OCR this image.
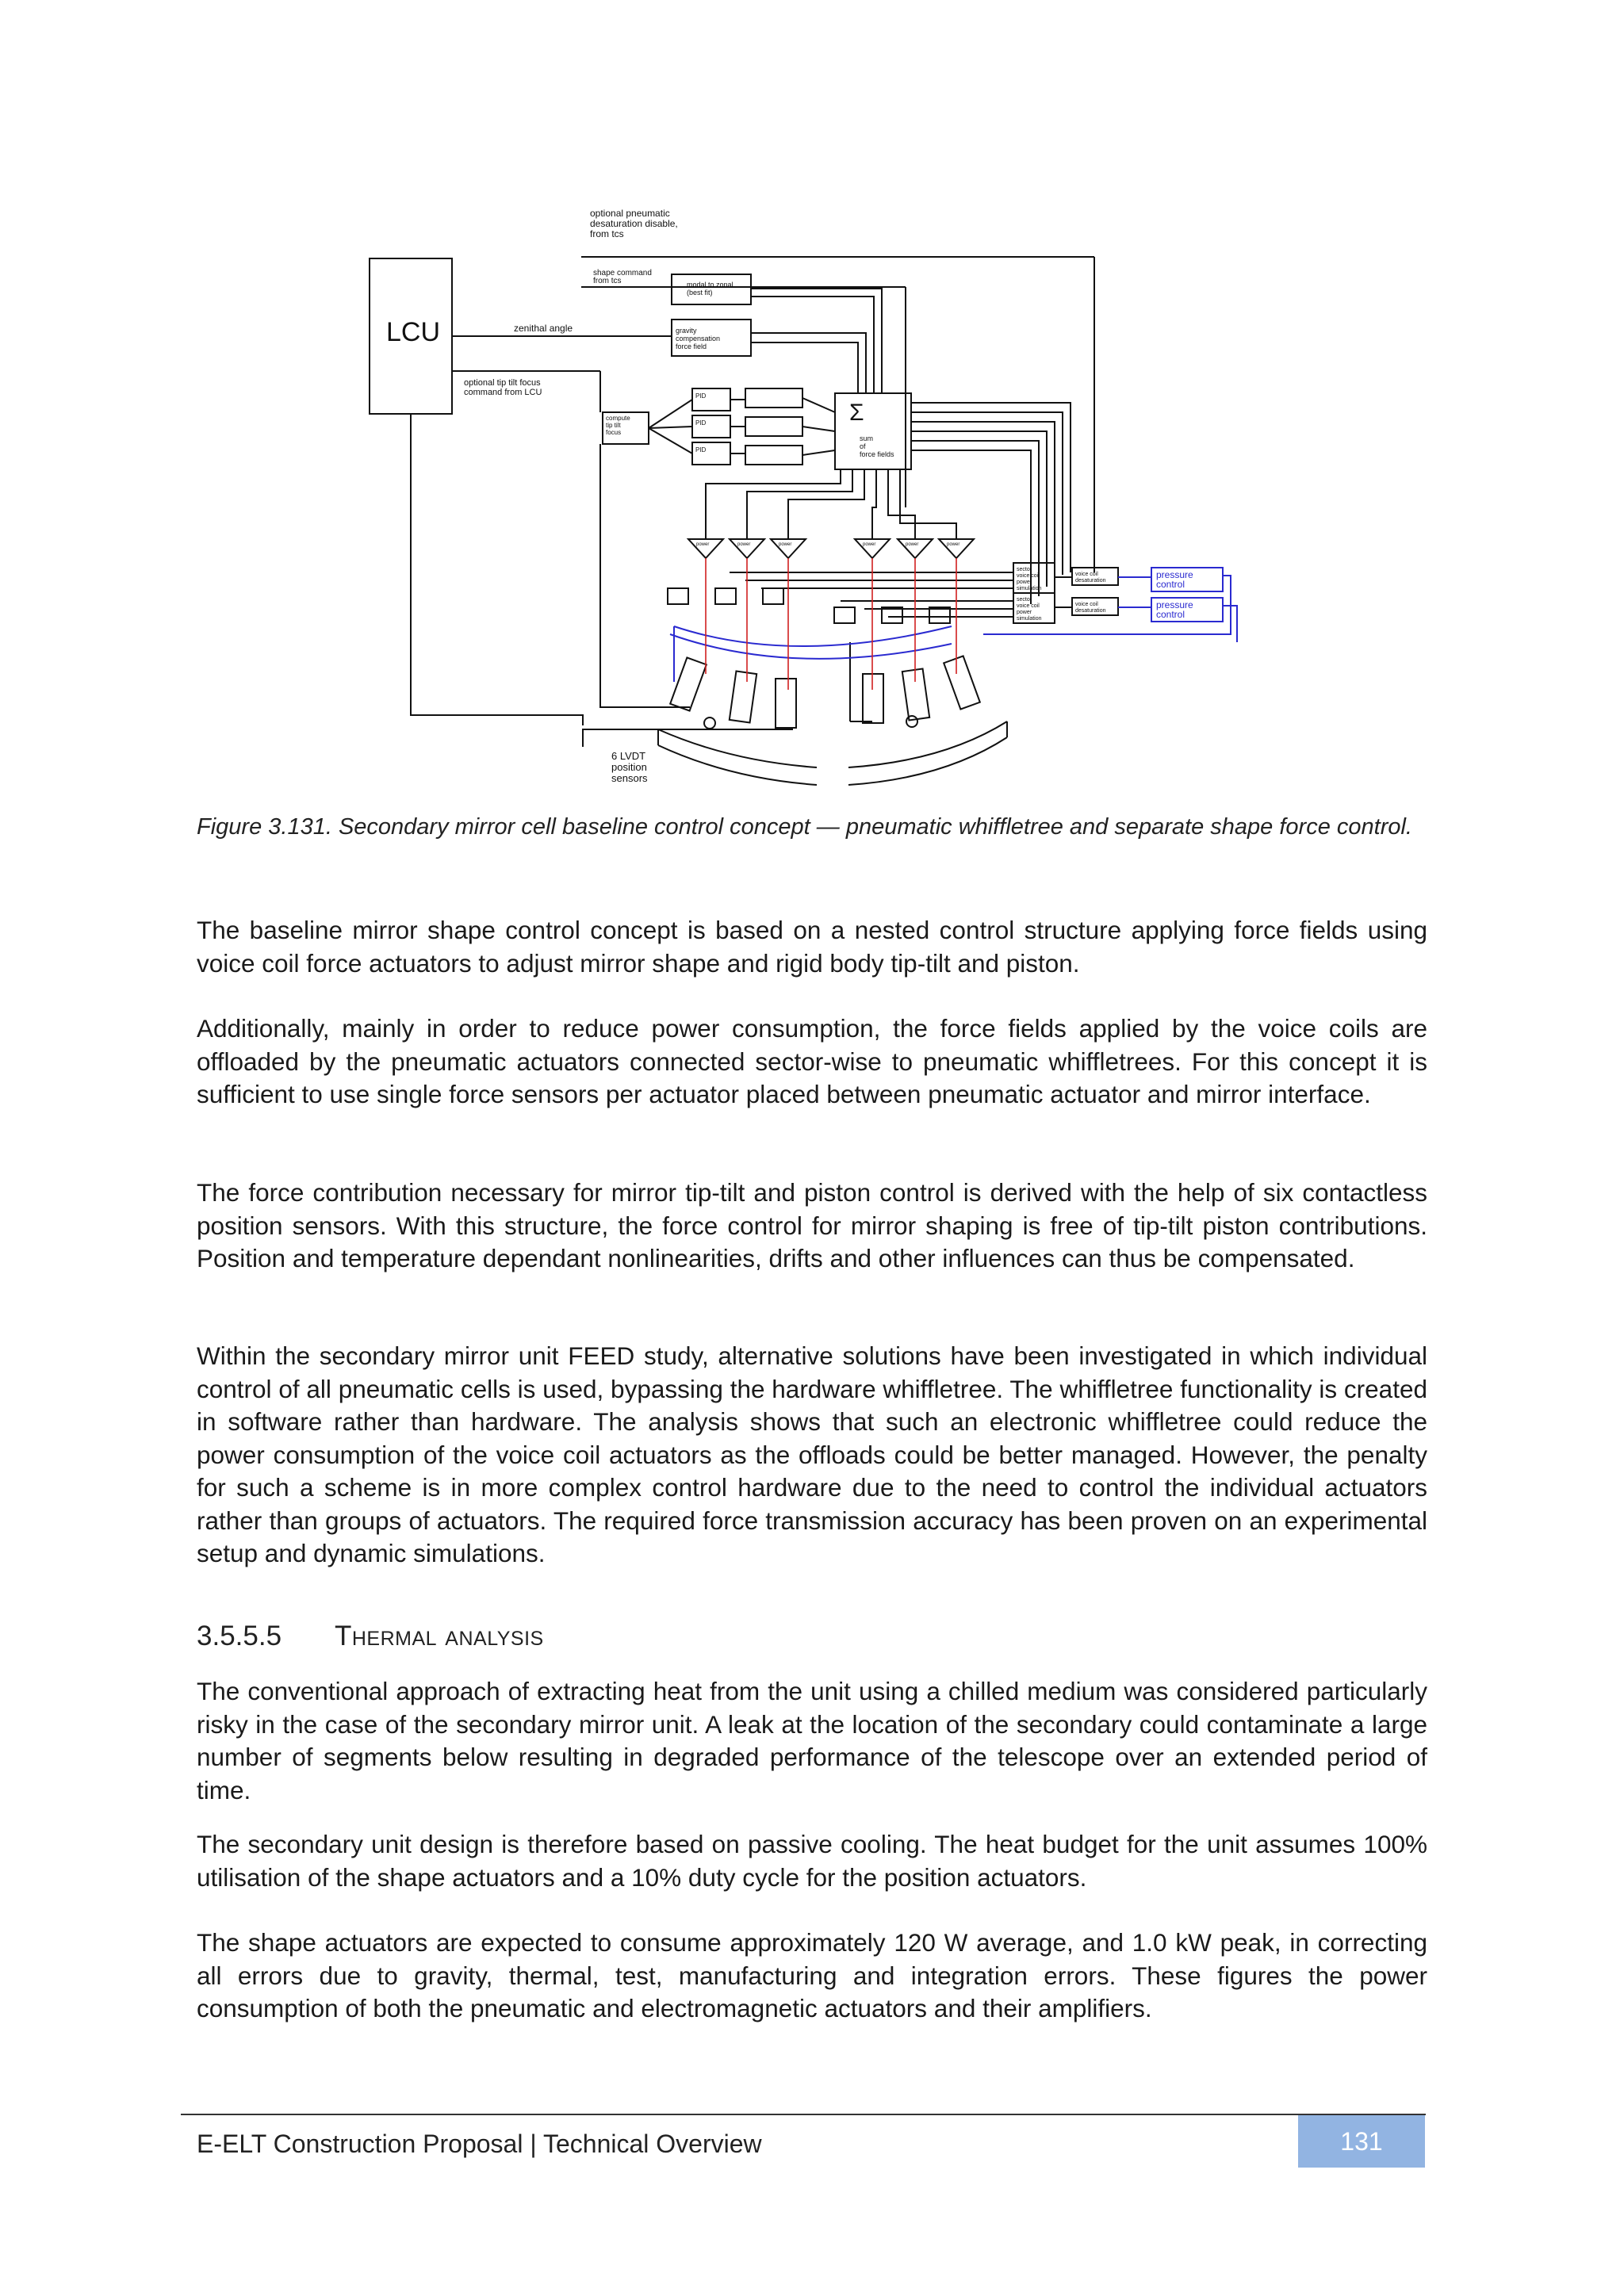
optional pneumatic desaturation disable, from tcs
shape command from tcs
LCU	zenithal angle
optional tip tilt focus command from LCU
modal to zonal (best fit)
gravity compensation force field
compute tip tilt focus
PID
PID
PID
Σ
sum of force fields
sector voice coil power simulation
sector voice coil power simulation
voice coil desaturation
voice coil desaturation
pressure control
pressure control
6 LVDT position sensors
power	power	power	power	power	power
Figure 3.131. Secondary mirror cell baseline control concept — pneumatic whiffletree and separate shape force control.

The baseline mirror shape control concept is based on a nested control structure applying force fields using voice coil force actuators to adjust mirror shape and rigid body tip-tilt and piston.

Additionally, mainly in order to reduce power consumption, the force fields applied by the voice coils are offloaded by the pneumatic actuators connected sector-wise to pneumatic whiffletrees. For this concept it is sufficient to use single force sensors per actuator placed between pneumatic actuator and mirror interface.

The force contribution necessary for mirror tip-tilt and piston control is derived with the help of six contactless position sensors. With this structure, the force control for mirror shaping is free of tip-tilt piston contributions. Position and temperature dependant nonlinearities, drifts and other influences can thus be compensated.

Within the secondary mirror unit FEED study, alternative solutions have been investigated in which individual control of all pneumatic cells is used, bypassing the hardware whiffletree. The whiffletree functionality is created in software rather than hardware. The analysis shows that such an electronic whiffletree could reduce the power consumption of the voice coil actuators as the offloads could be better managed. However, the penalty for such a scheme is in more complex control hardware due to the need to control the individual actuators rather than groups of actuators. The required force transmission accuracy has been proven on an experimental setup and dynamic simulations.

3.5.5.5 Thermal analysis

The conventional approach of extracting heat from the unit using a chilled medium was considered particularly risky in the case of the secondary mirror unit. A leak at the location of the secondary could contaminate a large number of segments below resulting in degraded performance of the telescope over an extended period of time.

The secondary unit design is therefore based on passive cooling. The heat budget for the unit assumes 100% utilisation of the shape actuators and a 10% duty cycle for the position actuators.

The shape actuators are expected to consume approximately 120 W average, and 1.0 kW peak, in correcting all errors due to gravity, thermal, test, manufacturing and integration errors. These figures the power consumption of both the pneumatic and electromagnetic actuators and their amplifiers.

E-ELT Construction Proposal | Technical Overview	131
